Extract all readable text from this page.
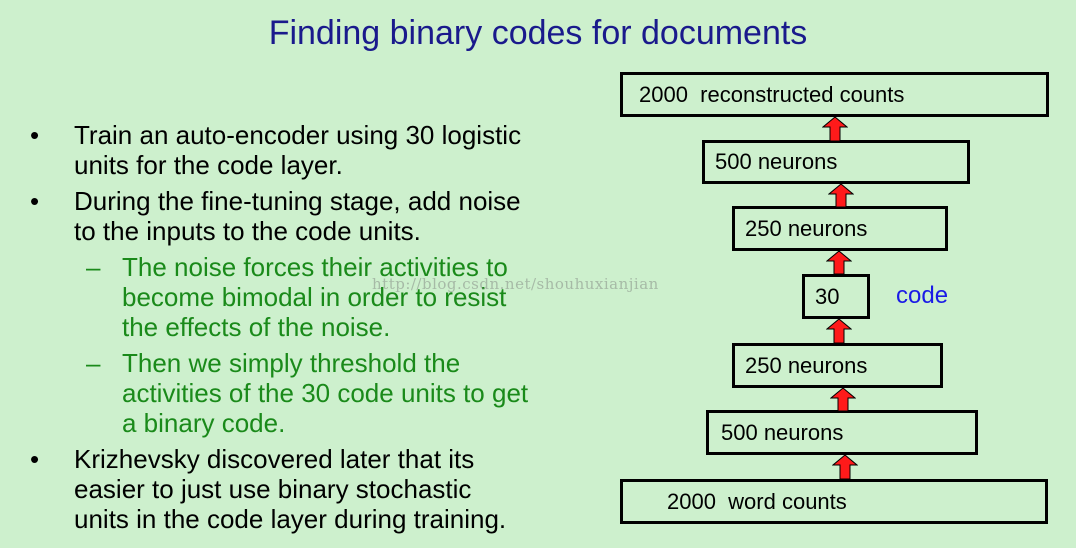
Finding binary codes for documents
• Train an auto-encoder using 30 logistic
units for the code layer.
• During the fine-tuning stage, add noise
to the inputs to the code units.
– The noise forces their activities to
become bimodal in order to resist
the effects of the noise.
– Then we simply threshold the
activities of the 30 code units to get
a binary code.
• Krizhevsky discovered later that its
easier to just use binary stochastic
units in the code layer during training.
http://blog.csdn.net/shouhuxianjian
2000  reconstructed counts
500 neurons
250 neurons
30 code
250 neurons
500 neurons
2000  word counts
